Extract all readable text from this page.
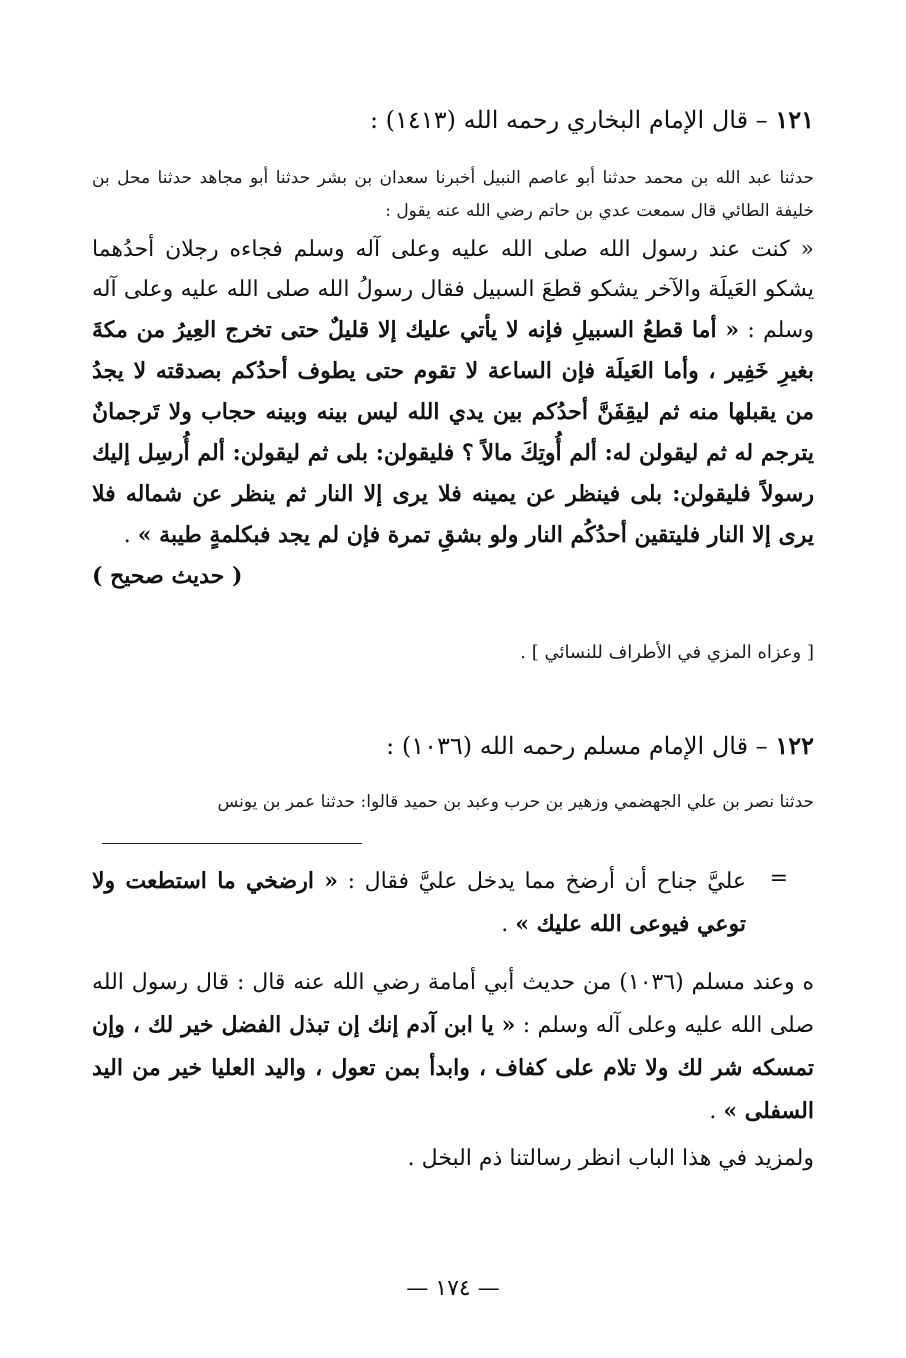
١٢١ – قال الإمام البخاري رحمه الله (١٤١٣) :
حدثنا عبد الله بن محمد حدثنا أبو عاصم النبيل أخبرنا سعدان بن بشر حدثنا أبو مجاهد حدثنا محل بن خليفة الطائي قال سمعت عدي بن حاتم رضي الله عنه يقول :
« كنت عند رسول الله صلى الله عليه وعلى آله وسلم فجاءه رجلان أحدُهما يشكو العَيلَة والآخر يشكو قطعَ السبيل فقال رسولُ الله صلى الله عليه وعلى آله وسلم : « أما قطعُ السبيلِ فإنه لا يأتي عليك إلا قليلٌ حتى تخرج العِيرُ من مكةَ بغيرِ خَفِير ، وأما العَيلَة فإن الساعة لا تقوم حتى يطوف أحدُكم بصدقته لا يجدُ من يقبلها منه ثم ليقِفَنَّ أحدُكم بين يدي الله ليس بينه وبينه حجاب ولا تَرجمانٌ يترجم له ثم ليقولن له: ألم أُوتِكَ مالاً ؟ فليقولن: بلى ثم ليقولن: ألم أُرسِل إليك رسولاً فليقولن: بلى فينظر عن يمينه فلا يرى إلا النار ثم ينظر عن شماله فلا يرى إلا النار فليتقين أحدُكُم النار ولو بشقِ تمرة فإن لم يجد فبكلمةٍ طيبة » .
( حديث صحيح )
[ وعزاه المزي في الأطراف للنسائي ] .
١٢٢ – قال الإمام مسلم رحمه الله (١٠٣٦) :
حدثنا نصر بن علي الجهضمي وزهير بن حرب وعبد بن حميد قالوا: حدثنا عمر بن يونس
=
عليَّ جناح أن أرضخ مما يدخل عليَّ فقال : « ارضخي ما استطعت ولا توعي فيوعى الله عليك » .
ه وعند مسلم (١٠٣٦) من حديث أبي أمامة رضي الله عنه قال : قال رسول الله صلى الله عليه وعلى آله وسلم : « يا ابن آدم إنك إن تبذل الفضل خير لك ، وإن تمسكه شر لك ولا تلام على كفاف ، وابدأ بمن تعول ، واليد العليا خير من اليد السفلى » .
ولمزيد في هذا الباب انظر رسالتنا ذم البخل .
— ١٧٤ —
